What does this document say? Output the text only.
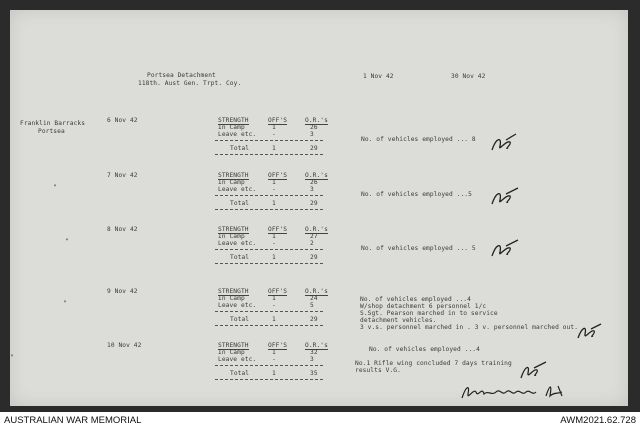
Portsea Detachment
118th. Aust Gen. Trpt. Coy.
1 Nov 42	30 Nov 42
Franklin Barracks
Portsea
6 Nov 42	STRENGTH	OFF'S	O.R.'s
In Camp	1	26
Leave etc.	-	3
Total	1	29
No. of vehicles employed ... 8
"
7 Nov 42	STRENGTH	OFF'S	O.R.'s
In Camp	1	26
Leave etc.	-	3
Total	1	29
No. of vehicles employed ...5
"
8 Nov 42	STRENGTH	OFF'S	O.R.'s
In Camp	1	27
Leave etc.	-	2
Total	1	29
No. of vehicles employed ... 5
"
9 Nov 42	STRENGTH	OFF'S	O.R.'s
In Camp	1	24
Leave etc.	-	5
Total	1	29
No. of vehicles employed ...4
W/shop detachment 6 personnel 1/c
S.Sgt. Pearson marched in to service
detachment vehicles.
3 v.s. personnel marched in . 3 v. personnel marched out.
"
10 Nov 42	STRENGTH	OFF'S	O.R.'s
In Camp	1	32
Leave etc.	-	3
Total	1	35
No. of vehicles employed ...4
No.1 Rifle wing concluded 7 days training
results V.G.
AUSTRALIAN WAR MEMORIAL	AWM2021.62.728
